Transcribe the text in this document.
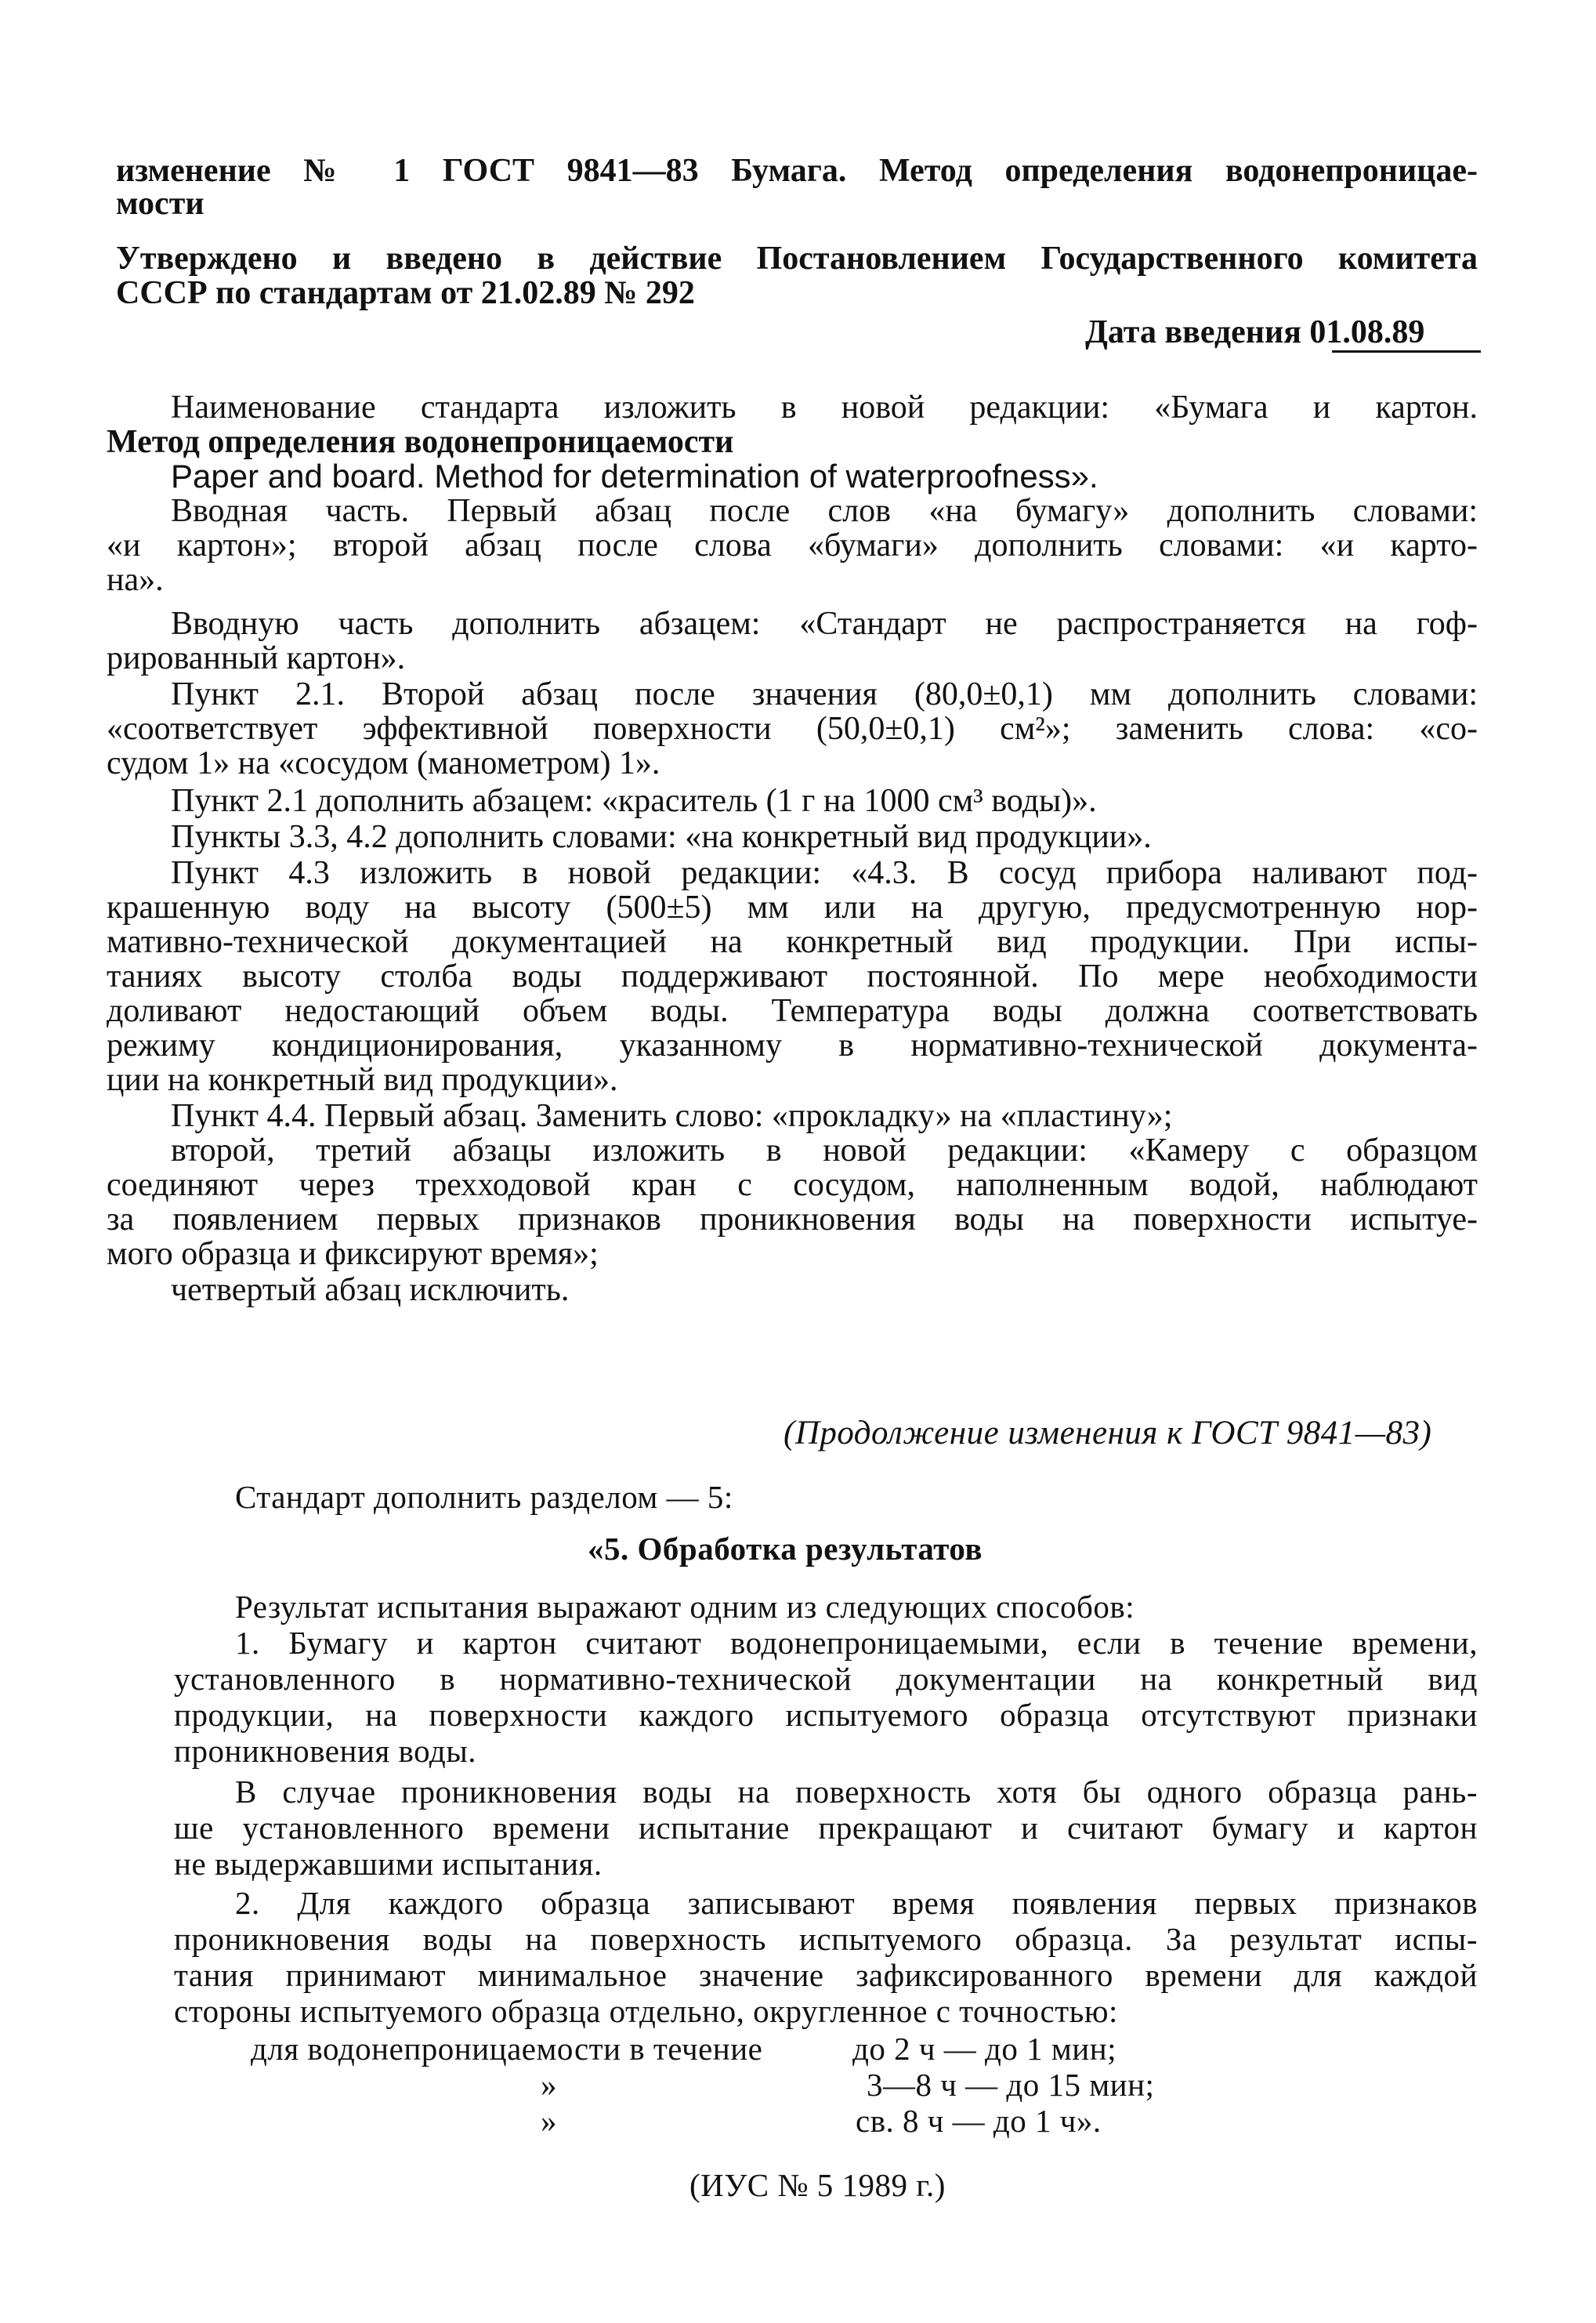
изменение № 1 ГОСТ 9841—83 Бумага. Метод определения водонепроницае-
мости
Утверждено и введено в действие Постановлением Государственного комитета
СССР по стандартам от 21.02.89 № 292
Дата введения 01.08.89
Наименование стандарта изложить в новой редакции: «Бумага и картон.
Метод определения водонепроницаемости
Paper and board. Method for determination of waterproofness».
Вводная часть. Первый абзац после слов «на бумагу» дополнить словами:
«и картон»; второй абзац после слова «бумаги» дополнить словами: «и карто-
на».
Вводную часть дополнить абзацем: «Стандарт не распространяется на гоф-
рированный картон».
Пункт 2.1. Второй абзац после значения (80,0±0,1) мм дополнить словами:
«соответствует эффективной поверхности (50,0±0,1) см²»; заменить слова: «со-
судом 1» на «сосудом (манометром) 1».
Пункт 2.1 дополнить абзацем: «краситель (1 г на 1000 см³ воды)».
Пункты 3.3, 4.2 дополнить словами: «на конкретный вид продукции».
Пункт 4.3 изложить в новой редакции: «4.3. В сосуд прибора наливают под-
крашенную воду на высоту (500±5) мм или на другую, предусмотренную нор-
мативно-технической документацией на конкретный вид продукции. При испы-
таниях высоту столба воды поддерживают постоянной. По мере необходимости
доливают недостающий объем воды. Температура воды должна соответствовать
режиму кондиционирования, указанному в нормативно-технической документа-
ции на конкретный вид продукции».
Пункт 4.4. Первый абзац. Заменить слово: «прокладку» на «пластину»;
второй, третий абзацы изложить в новой редакции: «Камеру с образцом
соединяют через трехходовой кран с сосудом, наполненным водой, наблюдают
за появлением первых признаков проникновения воды на поверхности испытуе-
мого образца и фиксируют время»;
четвертый абзац исключить.
(Продолжение изменения к ГОСТ 9841—83)
Стандарт дополнить разделом — 5:
«5. Обработка результатов
Результат испытания выражают одним из следующих способов:
1. Бумагу и картон считают водонепроницаемыми, если в течение времени,
установленного в нормативно-технической документации на конкретный вид
продукции, на поверхности каждого испытуемого образца отсутствуют признаки
проникновения воды.
В случае проникновения воды на поверхность хотя бы одного образца рань-
ше установленного времени испытание прекращают и считают бумагу и картон
не выдержавшими испытания.
2. Для каждого образца записывают время появления первых признаков
проникновения воды на поверхность испытуемого образца. За результат испы-
тания принимают минимальное значение зафиксированного времени для каждой
стороны испытуемого образца отдельно, округленное с точностью:
для водонепроницаемости в течение	до 2 ч — до 1 мин;
»	3—8 ч — до 15 мин;
»	св. 8 ч — до 1 ч».
(ИУС № 5 1989 г.)
